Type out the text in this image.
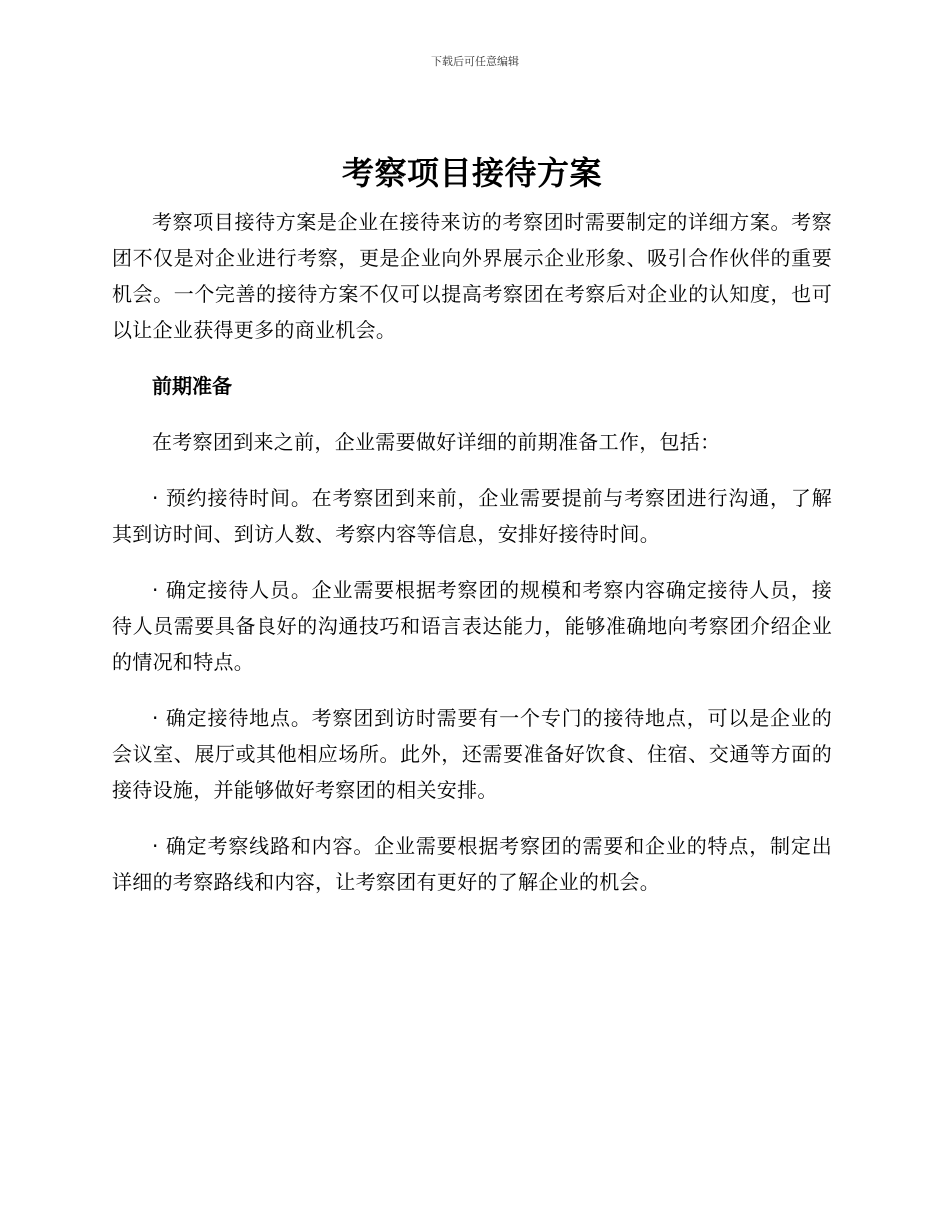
下载后可任意编辑
考察项目接待方案

考察项目接待方案是企业在接待来访的考察团时需要制定的详细方案。考察团不仅是对企业进行考察，更是企业向外界展示企业形象、吸引合作伙伴的重要机会。一个完善的接待方案不仅可以提高考察团在考察后对企业的认知度，也可以让企业获得更多的商业机会。

前期准备

在考察团到来之前，企业需要做好详细的前期准备工作，包括：

· 预约接待时间。在考察团到来前，企业需要提前与考察团进行沟通，了解其到访时间、到访人数、考察内容等信息，安排好接待时间。

· 确定接待人员。企业需要根据考察团的规模和考察内容确定接待人员，接待人员需要具备良好的沟通技巧和语言表达能力，能够准确地向考察团介绍企业的情况和特点。

· 确定接待地点。考察团到访时需要有一个专门的接待地点，可以是企业的会议室、展厅或其他相应场所。此外，还需要准备好饮食、住宿、交通等方面的接待设施，并能够做好考察团的相关安排。

· 确定考察线路和内容。企业需要根据考察团的需要和企业的特点，制定出详细的考察路线和内容，让考察团有更好的了解企业的机会。
